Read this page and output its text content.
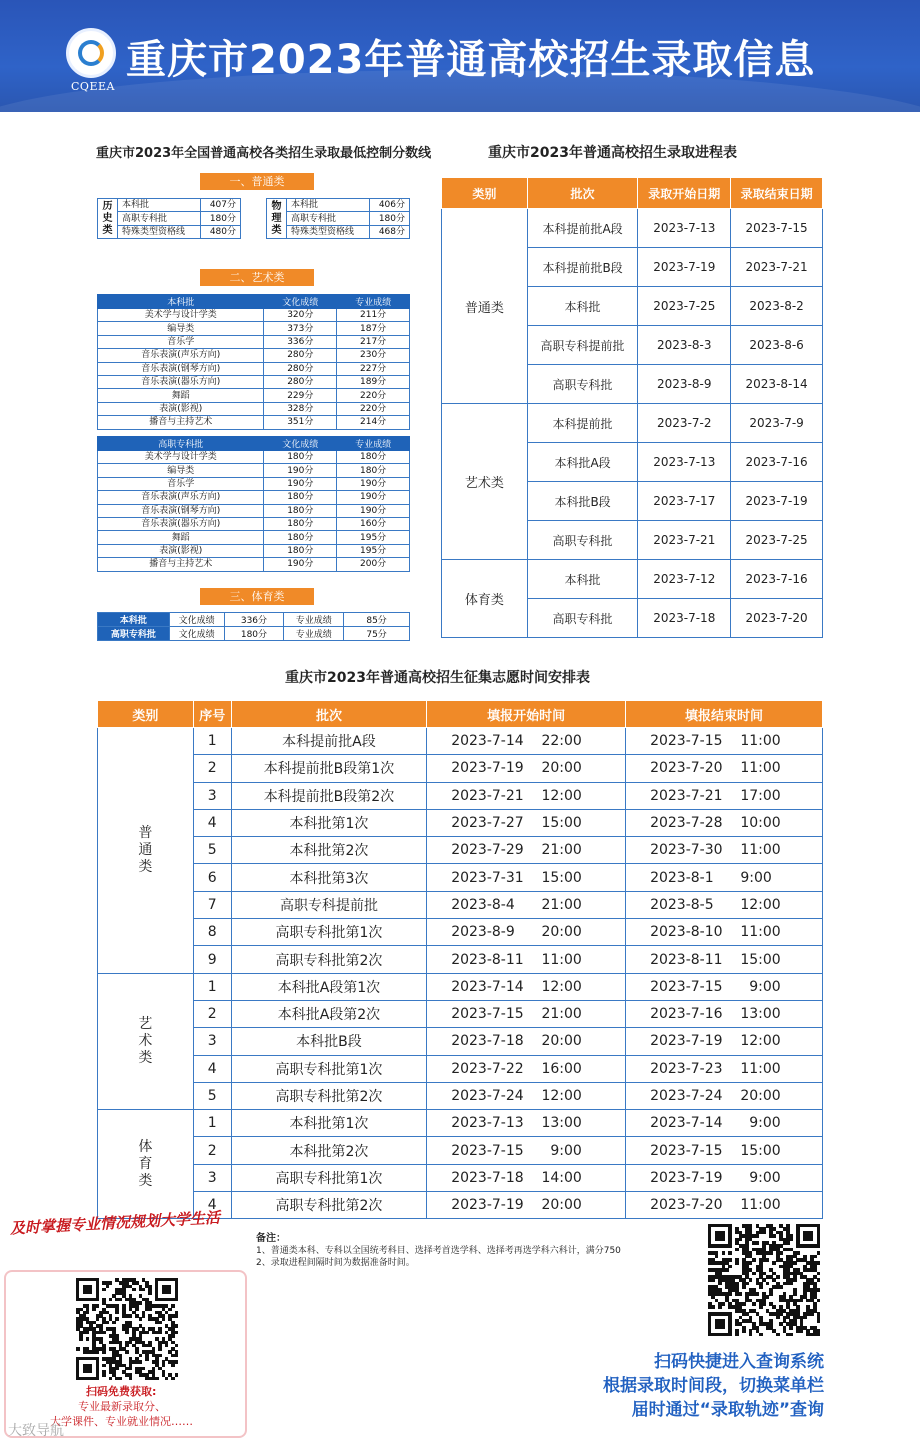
CQEEA
重庆市2023年普通高校招生录取信息
重庆市2023年全国普通高校各类招生录取最低控制分数线
一、普通类
历
史
类	本科批	407分
	高职专科批	180分
	特殊类型资格线	480分
物
理
类	本科批	406分
	高职专科批	180分
	特殊类型资格线	468分
二、艺术类
本科批	文化成绩	专业成绩
美术学与设计学类	320分	211分
编导类	373分	187分
音乐学	336分	217分
音乐表演(声乐方向)	280分	230分
音乐表演(钢琴方向)	280分	227分
音乐表演(器乐方向)	280分	189分
舞蹈	229分	220分
表演(影视)	328分	220分
播音与主持艺术	351分	214分
高职专科批	文化成绩	专业成绩
美术学与设计学类	180分	180分
编导类	190分	180分
音乐学	190分	190分
音乐表演(声乐方向)	180分	190分
音乐表演(钢琴方向)	180分	190分
音乐表演(器乐方向)	180分	160分
舞蹈	180分	195分
表演(影视)	180分	195分
播音与主持艺术	190分	200分
三、体育类
本科批	文化成绩	336分	专业成绩	85分
高职专科批	文化成绩	180分	专业成绩	75分
重庆市2023年普通高校招生录取进程表
类别	批次	录取开始日期	录取结束日期
普通类	本科提前批A段	2023-7-13	2023-7-15
	本科提前批B段	2023-7-19	2023-7-21
	本科批	2023-7-25	2023-8-2
	高职专科提前批	2023-8-3	2023-8-6
	高职专科批	2023-8-9	2023-8-14
艺术类	本科提前批	2023-7-2	2023-7-9
	本科批A段	2023-7-13	2023-7-16
	本科批B段	2023-7-17	2023-7-19
	高职专科批	2023-7-21	2023-7-25
体育类	本科批	2023-7-12	2023-7-16
	高职专科批	2023-7-18	2023-7-20
重庆市2023年普通高校招生征集志愿时间安排表
类别	序号	批次	填报开始时间	填报结束时间

普
通
类	1	本科提前批A段	2023-7-14    22:00	2023-7-15    11:00
	2	本科提前批B段第1次	2023-7-19    20:00	2023-7-20    11:00
	3	本科提前批B段第2次	2023-7-21    12:00	2023-7-21    17:00
	4	本科批第1次	2023-7-27    15:00	2023-7-28    10:00
	5	本科批第2次	2023-7-29    21:00	2023-7-30    11:00
	6	本科批第3次	2023-7-31    15:00	2023-8-1      9:00
	7	高职专科提前批	2023-8-4      21:00	2023-8-5      12:00
	8	高职专科批第1次	2023-8-9      20:00	2023-8-10    11:00
	9	高职专科批第2次	2023-8-11    11:00	2023-8-11    15:00

艺
术
类	1	本科批A段第1次	2023-7-14    12:00	2023-7-15      9:00
	2	本科批A段第2次	2023-7-15    21:00	2023-7-16    13:00
	3	本科批B段	2023-7-18    20:00	2023-7-19    12:00
	4	高职专科批第1次	2023-7-22    16:00	2023-7-23    11:00
	5	高职专科批第2次	2023-7-24    12:00	2023-7-24    20:00

体
育
类	1	本科批第1次	2023-7-13    13:00	2023-7-14      9:00
	2	本科批第2次	2023-7-15      9:00	2023-7-15    15:00
	3	高职专科批第1次	2023-7-18    14:00	2023-7-19      9:00
	4	高职专科批第2次	2023-7-19    20:00	2023-7-20    11:00
备注：
1、普通类本科、专科以全国统考科目、选择考首选学科、选择考再选学科六科计，满分750
2、录取进程间隔时间为数据准备时间。
扫码快捷进入查询系统
根据录取时间段，切换菜单栏
届时通过“录取轨迹”查询
及时掌握专业情况规划大学生活
扫码免费获取:
专业最新录取分、
大学课件、专业就业情况……
大致导航
